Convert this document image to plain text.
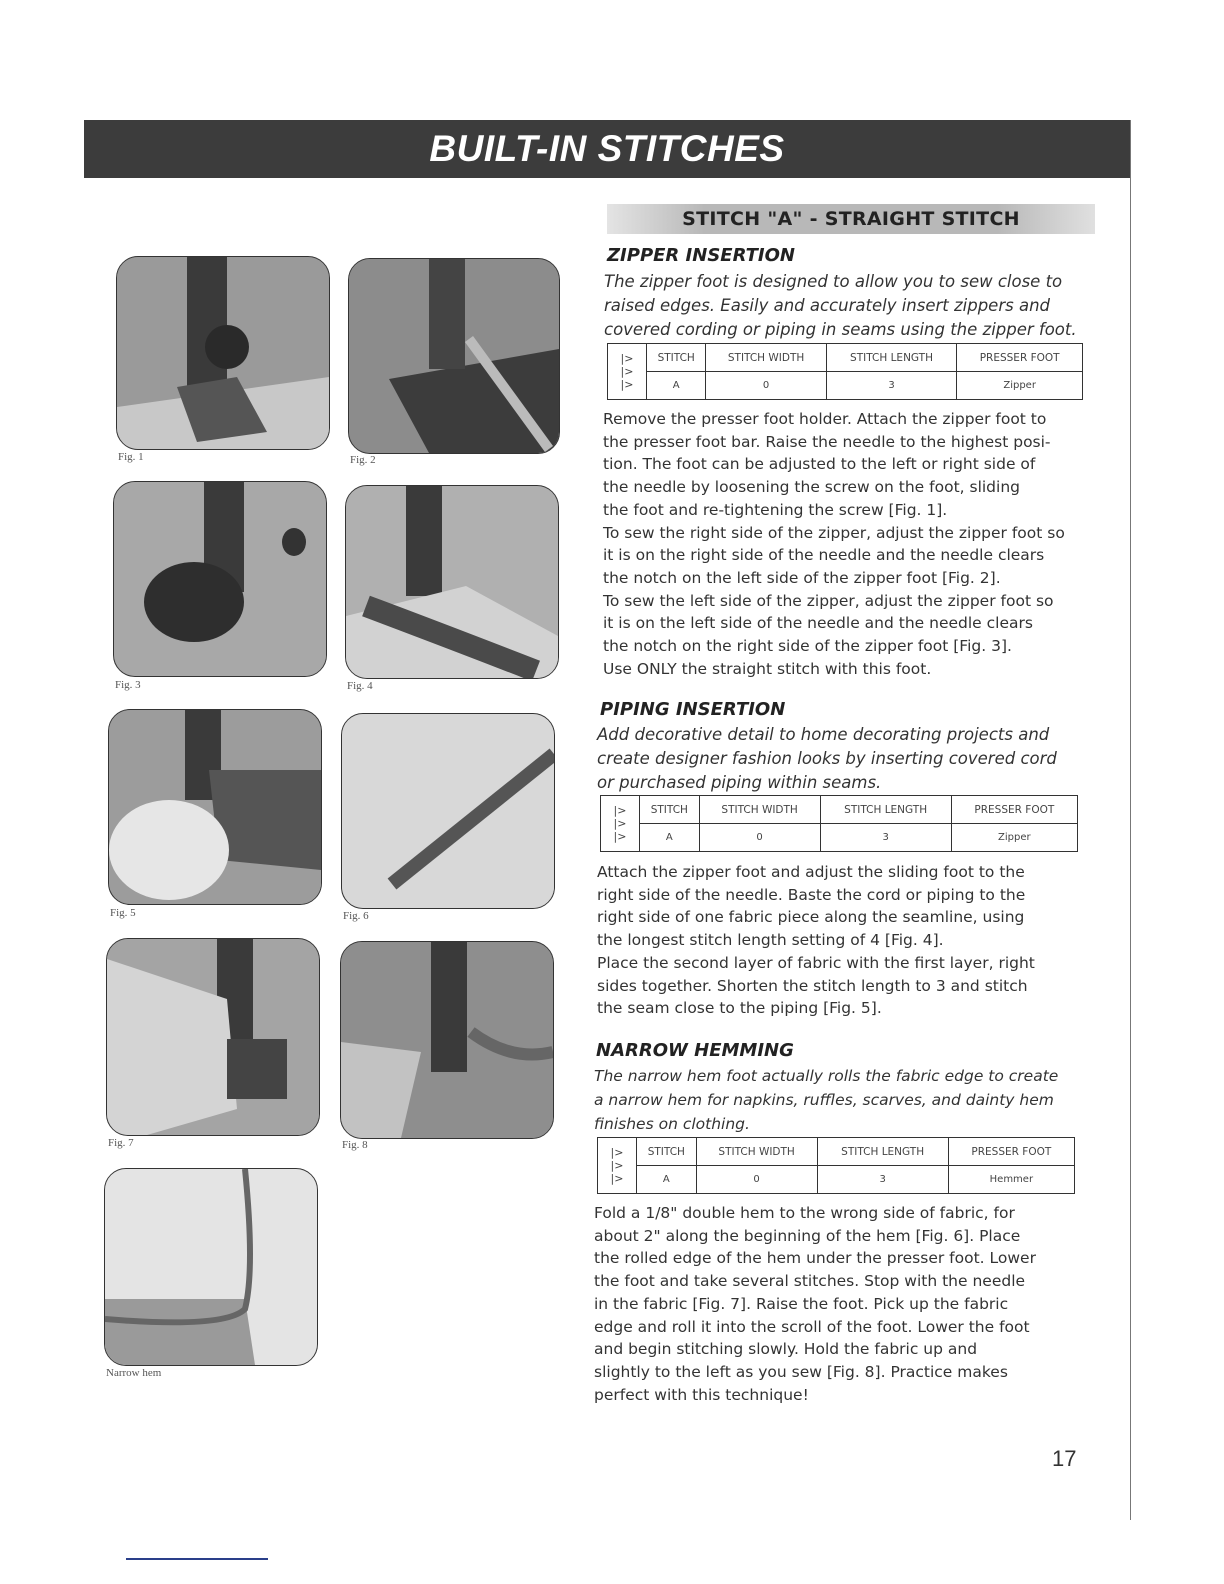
BUILT-IN STITCHES
Fig. 1	Fig. 2
Fig. 3	Fig. 4
Fig. 5	Fig. 6
Fig. 7	Fig. 8
Narrow hem
STITCH "A" - STRAIGHT STITCH
ZIPPER INSERTION
The zipper foot is designed to allow you to sew close to
raised edges. Easily and accurately insert zippers and
covered cording or piping in seams using the zipper foot.
|>
|>
|>	STITCH	STITCH WIDTH	STITCH LENGTH	PRESSER FOOT
	A	0	3	Zipper
Remove the presser foot holder. Attach the zipper foot to
the presser foot bar. Raise the needle to the highest posi-
tion. The foot can be adjusted to the left or right side of
the needle by loosening the screw on the foot, sliding
the foot and re-tightening the screw [Fig. 1].
To sew the right side of the zipper, adjust the zipper foot so
it is on the right side of the needle and the needle clears
the notch on the left side of the zipper foot [Fig. 2].
To sew the left side of the zipper, adjust the zipper foot so
it is on the left side of the needle and the needle clears
the notch on the right side of the zipper foot [Fig. 3].
Use ONLY the straight stitch with this foot.
PIPING INSERTION
Add decorative detail to home decorating projects and
create designer fashion looks by inserting covered cord
or purchased piping within seams.
|>
|>
|>	STITCH	STITCH WIDTH	STITCH LENGTH	PRESSER FOOT
	A	0	3	Zipper
Attach the zipper foot and adjust the sliding foot to the
right side of the needle. Baste the cord or piping to the
right side of one fabric piece along the seamline, using
the longest stitch length setting of 4 [Fig. 4].
Place the second layer of fabric with the first layer, right
sides together. Shorten the stitch length to 3 and stitch
the seam close to the piping [Fig. 5].
NARROW HEMMING
The narrow hem foot actually rolls the fabric edge to create
a narrow hem for napkins, ruffles, scarves, and dainty hem
finishes on clothing.
|>
|>
|>	STITCH	STITCH WIDTH	STITCH LENGTH	PRESSER FOOT
	A	0	3	Hemmer
Fold a 1/8" double hem to the wrong side of fabric, for
about 2" along the beginning of the hem [Fig. 6]. Place
the rolled edge of the hem under the presser foot. Lower
the foot and take several stitches. Stop with the needle
in the fabric [Fig. 7]. Raise the foot. Pick up the fabric
edge and roll it into the scroll of the foot. Lower the foot
and begin stitching slowly. Hold the fabric up and
slightly to the left as you sew [Fig. 8]. Practice makes
perfect with this technique!
17
